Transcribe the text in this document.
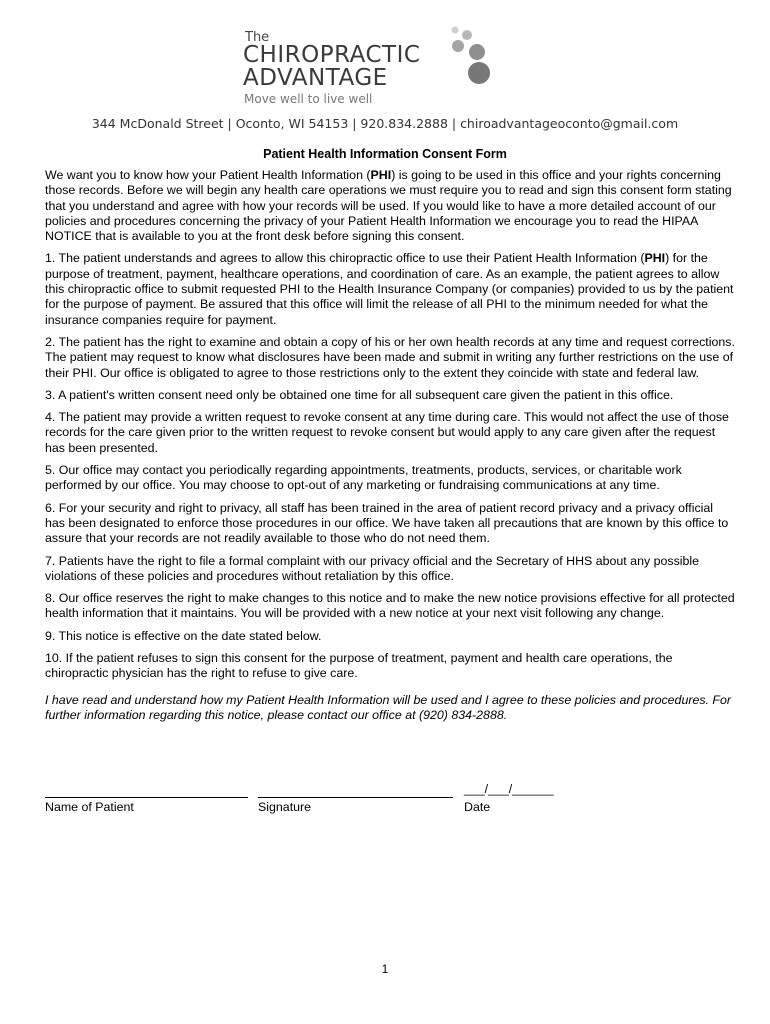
The
CHIROPRACTIC
ADVANTAGE
Move well to live well
344 McDonald Street | Oconto, WI 54153 | 920.834.2888 | chiroadvantageoconto@gmail.com
Patient Health Information Consent Form

We want you to know how your Patient Health Information (PHI) is going to be used in this office and your rights concerning those records. Before we will begin any health care operations we must require you to read and sign this consent form stating that you understand and agree with how your records will be used. If you would like to have a more detailed account of our policies and procedures concerning the privacy of your Patient Health Information we encourage you to read the HIPAA NOTICE that is available to you at the front desk before signing this consent.

1. The patient understands and agrees to allow this chiropractic office to use their Patient Health Information (PHI) for the purpose of treatment, payment, healthcare operations, and coordination of care. As an example, the patient agrees to allow this chiropractic office to submit requested PHI to the Health Insurance Company (or companies) provided to us by the patient for the purpose of payment. Be assured that this office will limit the release of all PHI to the minimum needed for what the insurance companies require for payment.

2. The patient has the right to examine and obtain a copy of his or her own health records at any time and request corrections. The patient may request to know what disclosures have been made and submit in writing any further restrictions on the use of their PHI. Our office is obligated to agree to those restrictions only to the extent they coincide with state and federal law.

3. A patient's written consent need only be obtained one time for all subsequent care given the patient in this office.

4. The patient may provide a written request to revoke consent at any time during care. This would not affect the use of those records for the care given prior to the written request to revoke consent but would apply to any care given after the request has been presented.

5. Our office may contact you periodically regarding appointments, treatments, products, services, or charitable work performed by our office. You may choose to opt-out of any marketing or fundraising communications at any time.

6. For your security and right to privacy, all staff has been trained in the area of patient record privacy and a privacy official has been designated to enforce those procedures in our office. We have taken all precautions that are known by this office to assure that your records are not readily available to those who do not need them.

7. Patients have the right to file a formal complaint with our privacy official and the Secretary of HHS about any possible violations of these policies and procedures without retaliation by this office.

8. Our office reserves the right to make changes to this notice and to make the new notice provisions effective for all protected health information that it maintains. You will be provided with a new notice at your next visit following any change.

9. This notice is effective on the date stated below.

10. If the patient refuses to sign this consent for the purpose of treatment, payment and health care operations, the chiropractic physician has the right to refuse to give care.

I have read and understand how my Patient Health Information will be used and I agree to these policies and procedures. For further information regarding this notice, please contact our office at (920) 834-2888.

Name of Patient	Signature
___/___/______
Date
1
